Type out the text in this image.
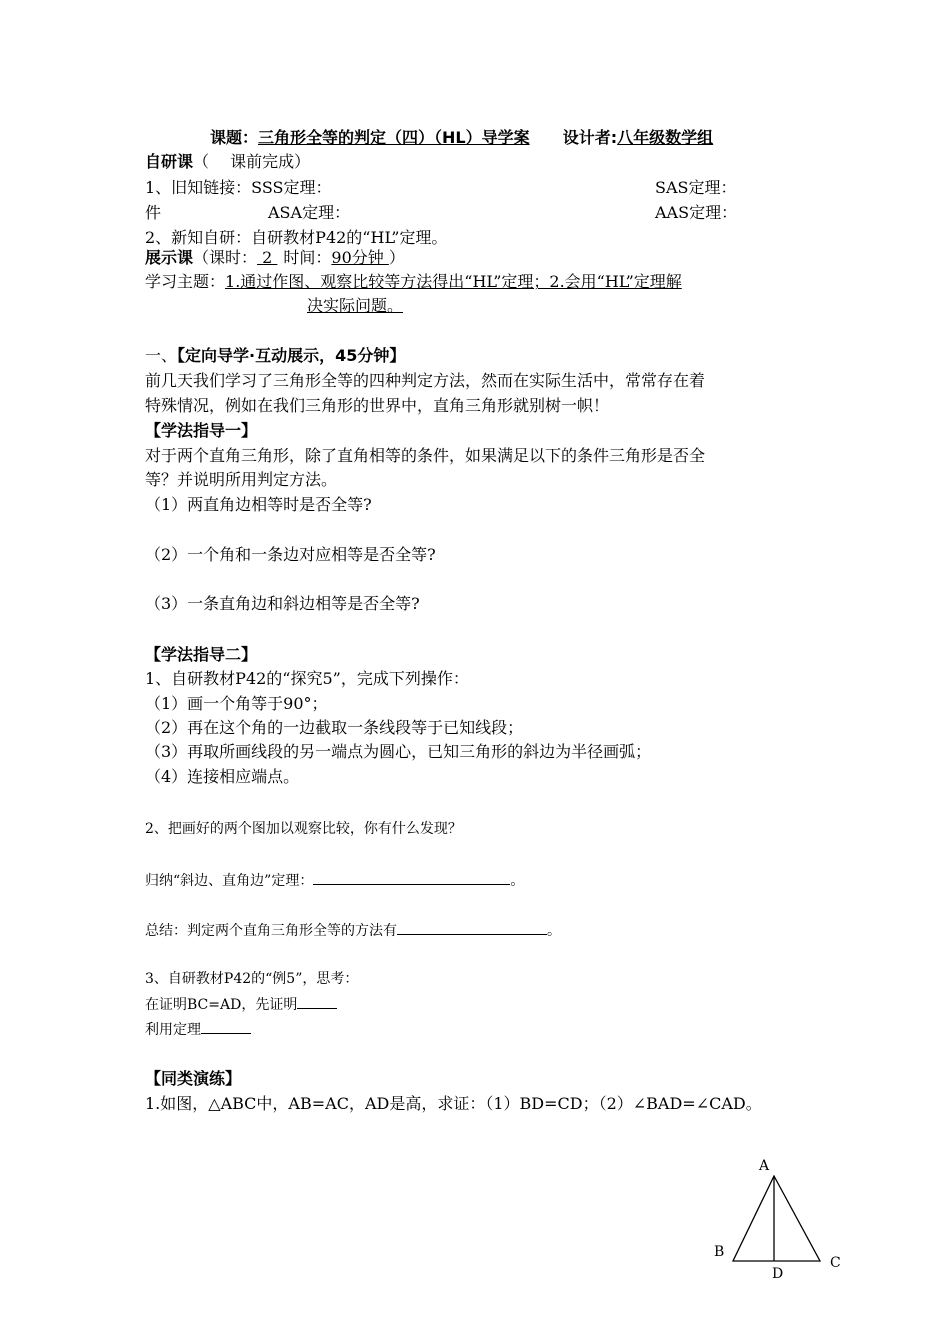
课题：三角形全等的判定（四）（HL）导学案 设计者:八年级数学组
自研课（　 课前完成）
1、旧知链接：SSS定理：	SAS定理：
件	ASA定理：	AAS定理：
2、新知自研：自研教材P42的“HL”定理。
展示课（课时： 2 时间：90分钟 ）
学习主题：1.通过作图、观察比较等方法得出“HL”定理；2.会用“HL”定理解
决实际问题。
一、【定向导学·互动展示，45分钟】
前几天我们学习了三角形全等的四种判定方法，然而在实际生活中，常常存在着
特殊情况，例如在我们三角形的世界中，直角三角形就别树一帜！
【学法指导一】
对于两个直角三角形，除了直角相等的条件，如果满足以下的条件三角形是否全
等？并说明所用判定方法。
（1）两直角边相等时是否全等?
（2）一个角和一条边对应相等是否全等?
（3）一条直角边和斜边相等是否全等?
【学法指导二】
1、自研教材P42的“探究5”，完成下列操作：
（1）画一个角等于90°；
（2）再在这个角的一边截取一条线段等于已知线段；
（3）再取所画线段的另一端点为圆心，已知三角形的斜边为半径画弧；
（4）连接相应端点。
2、把画好的两个图加以观察比较，你有什么发现？
归纳“斜边、直角边”定理：	。
总结：判定两个直角三角形全等的方法有	。
3、自研教材P42的“例5”，思考：
在证明BC=AD，先证明
利用定理
【同类演练】
1.如图，△ABC中，AB=AC，AD是高，求证：（1）BD=CD；（2）∠BAD=∠CAD。
A
B
C
D
